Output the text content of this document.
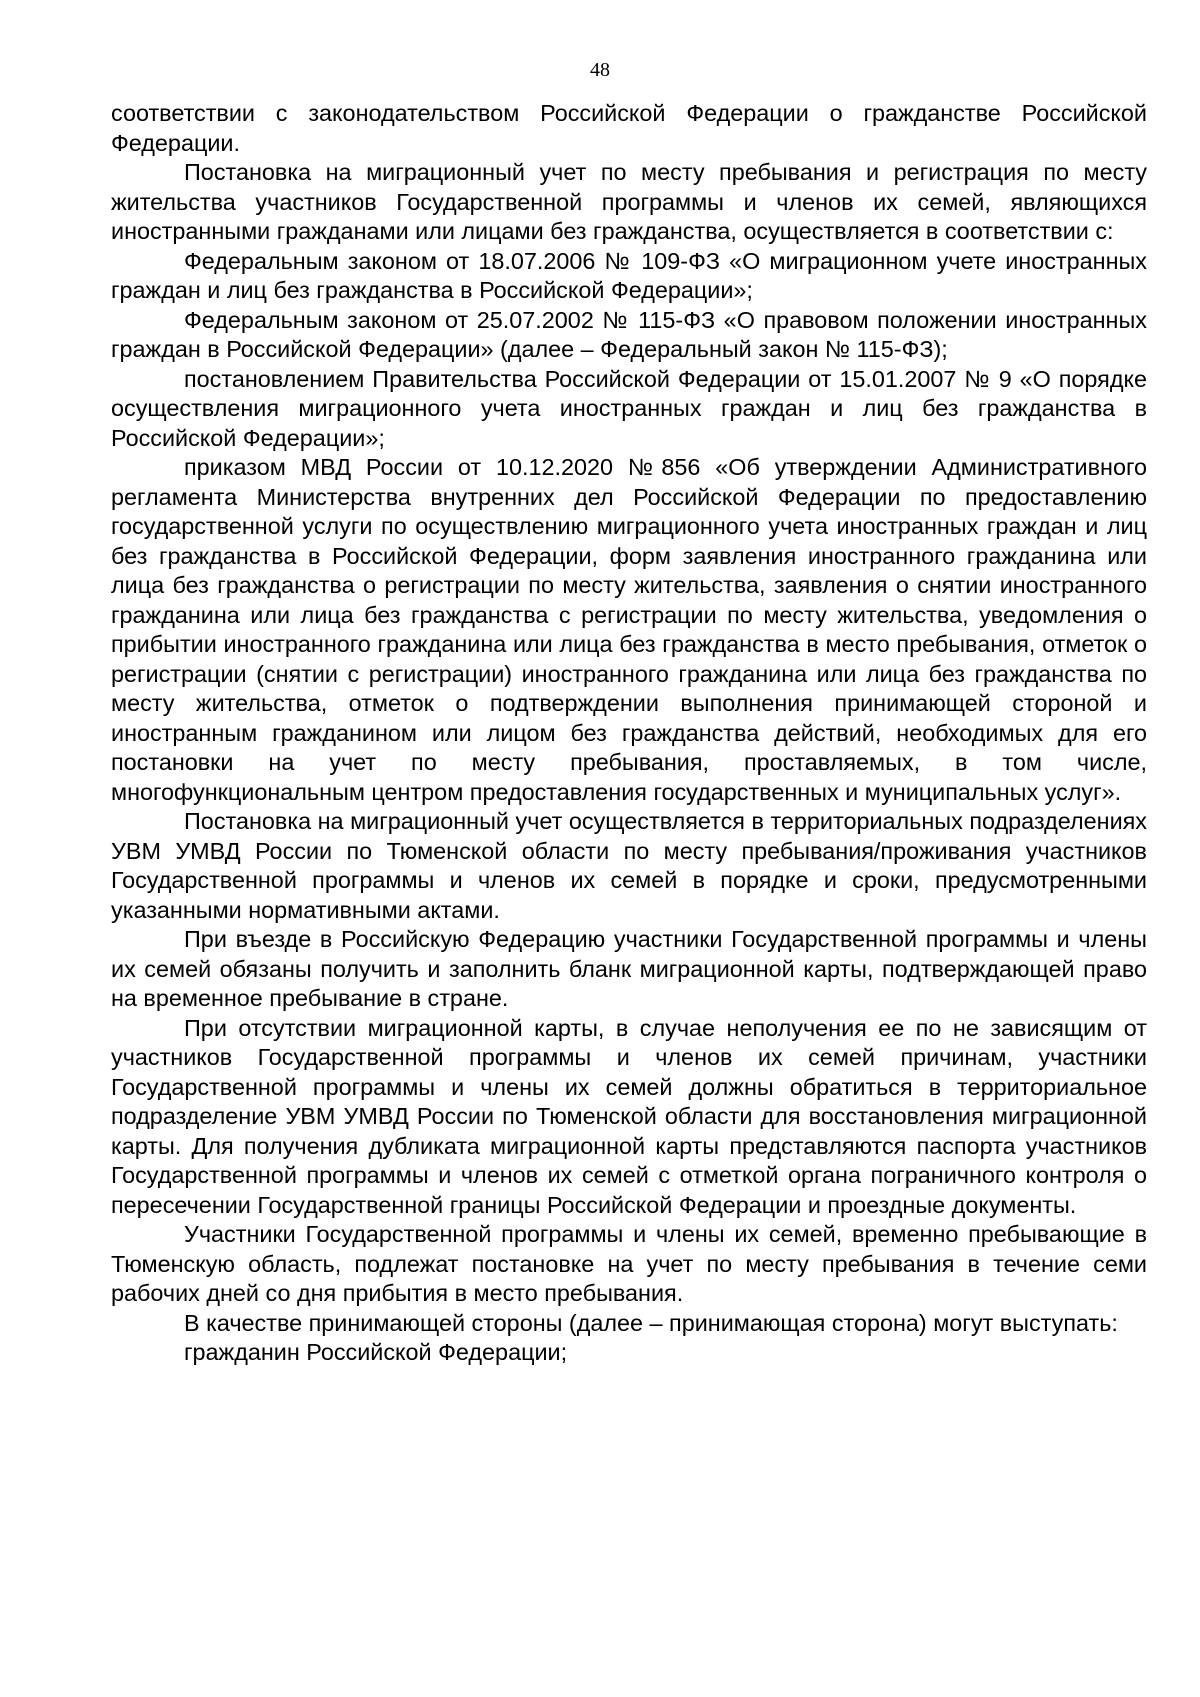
48

соответствии с законодательством Российской Федерации о гражданстве Российской Федерации.

Постановка на миграционный учет по месту пребывания и регистрация по месту жительства участников Государственной программы и членов их семей, являющихся иностранными гражданами или лицами без гражданства, осуществляется в соответствии с:

Федеральным законом от 18.07.2006 № 109-ФЗ «О миграционном учете иностранных граждан и лиц без гражданства в Российской Федерации»;

Федеральным законом от 25.07.2002 № 115-ФЗ «О правовом положении иностранных граждан в Российской Федерации» (далее – Федеральный закон № 115-ФЗ);

постановлением Правительства Российской Федерации от 15.01.2007 № 9 «О порядке осуществления миграционного учета иностранных граждан и лиц без гражданства в Российской Федерации»;

приказом МВД России от 10.12.2020 №856 «Об утверждении Административного регламента Министерства внутренних дел Российской Федерации по предоставлению государственной услуги по осуществлению миграционного учета иностранных граждан и лиц без гражданства в Российской Федерации, форм заявления иностранного гражданина или лица без гражданства о регистрации по месту жительства, заявления о снятии иностранного гражданина или лица без гражданства с регистрации по месту жительства, уведомления о прибытии иностранного гражданина или лица без гражданства в место пребывания, отметок о регистрации (снятии с регистрации) иностранного гражданина или лица без гражданства по месту жительства, отметок о подтверждении выполнения принимающей стороной и иностранным гражданином или лицом без гражданства действий, необходимых для его постановки на учет по месту пребывания, проставляемых, в том числе, многофункциональным центром предоставления государственных и муниципальных услуг».

Постановка на миграционный учет осуществляется в территориальных подразделениях УВМ УМВД России по Тюменской области по месту пребывания/проживания участников Государственной программы и членов их семей в порядке и сроки, предусмотренными указанными нормативными актами.

При въезде в Российскую Федерацию участники Государственной программы и члены их семей обязаны получить и заполнить бланк миграционной карты, подтверждающей право на временное пребывание в стране.

При отсутствии миграционной карты, в случае неполучения ее по не зависящим от участников Государственной программы и членов их семей причинам, участники Государственной программы и члены их семей должны обратиться в территориальное подразделение УВМ УМВД России по Тюменской области для восстановления миграционной карты. Для получения дубликата миграционной карты представляются паспорта участников Государственной программы и членов их семей с отметкой органа пограничного контроля о пересечении Государственной границы Российской Федерации и проездные документы.

Участники Государственной программы и члены их семей, временно пребывающие в Тюменскую область, подлежат постановке на учет по месту пребывания в течение семи рабочих дней со дня прибытия в место пребывания.

В качестве принимающей стороны (далее – принимающая сторона) могут выступать:

гражданин Российской Федерации;
